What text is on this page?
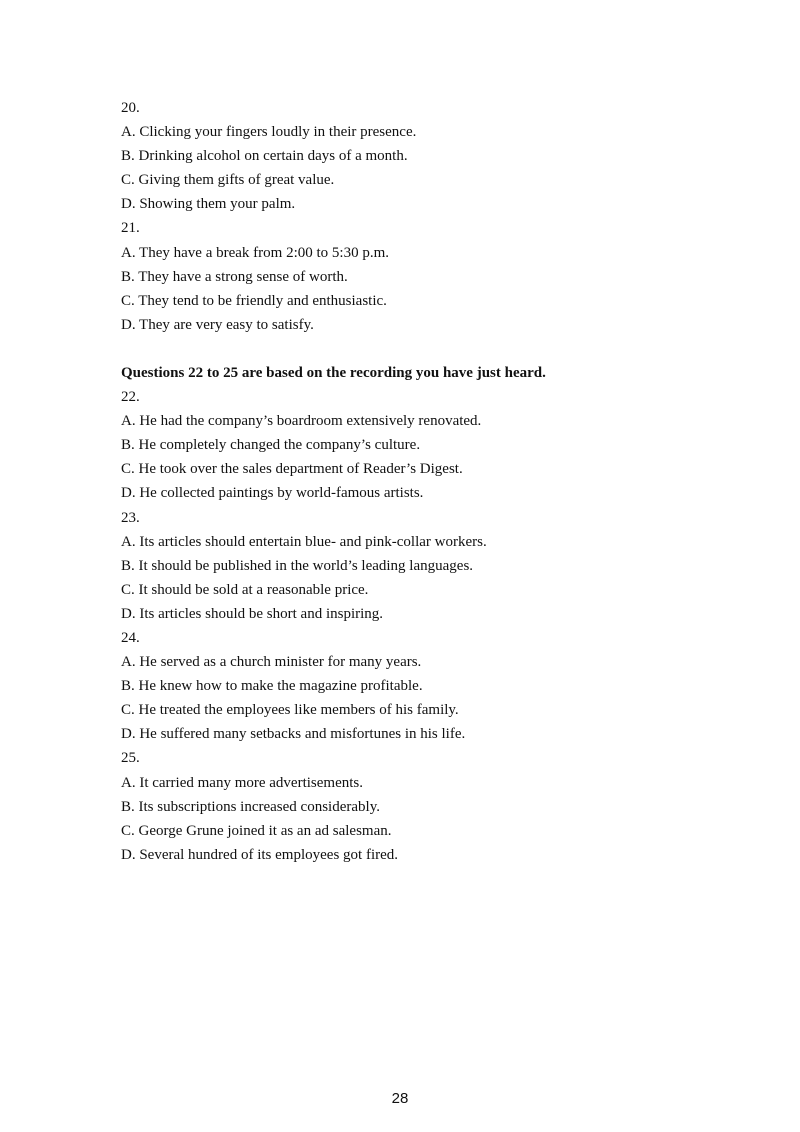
20.
A. Clicking your fingers loudly in their presence.
B. Drinking alcohol on certain days of a month.
C. Giving them gifts of great value.
D. Showing them your palm.
21.
A. They have a break from 2:00 to 5:30 p.m.
B. They have a strong sense of worth.
C. They tend to be friendly and enthusiastic.
D. They are very easy to satisfy.
Questions 22 to 25 are based on the recording you have just heard.
22.
A. He had the company’s boardroom extensively renovated.
B. He completely changed the company’s culture.
C. He took over the sales department of Reader’s Digest.
D. He collected paintings by world-famous artists.
23.
A. Its articles should entertain blue- and pink-collar workers.
B. It should be published in the world’s leading languages.
C. It should be sold at a reasonable price.
D. Its articles should be short and inspiring.
24.
A. He served as a church minister for many years.
B. He knew how to make the magazine profitable.
C. He treated the employees like members of his family.
D. He suffered many setbacks and misfortunes in his life.
25.
A. It carried many more advertisements.
B. Its subscriptions increased considerably.
C. George Grune joined it as an ad salesman.
D. Several hundred of its employees got fired.
28
